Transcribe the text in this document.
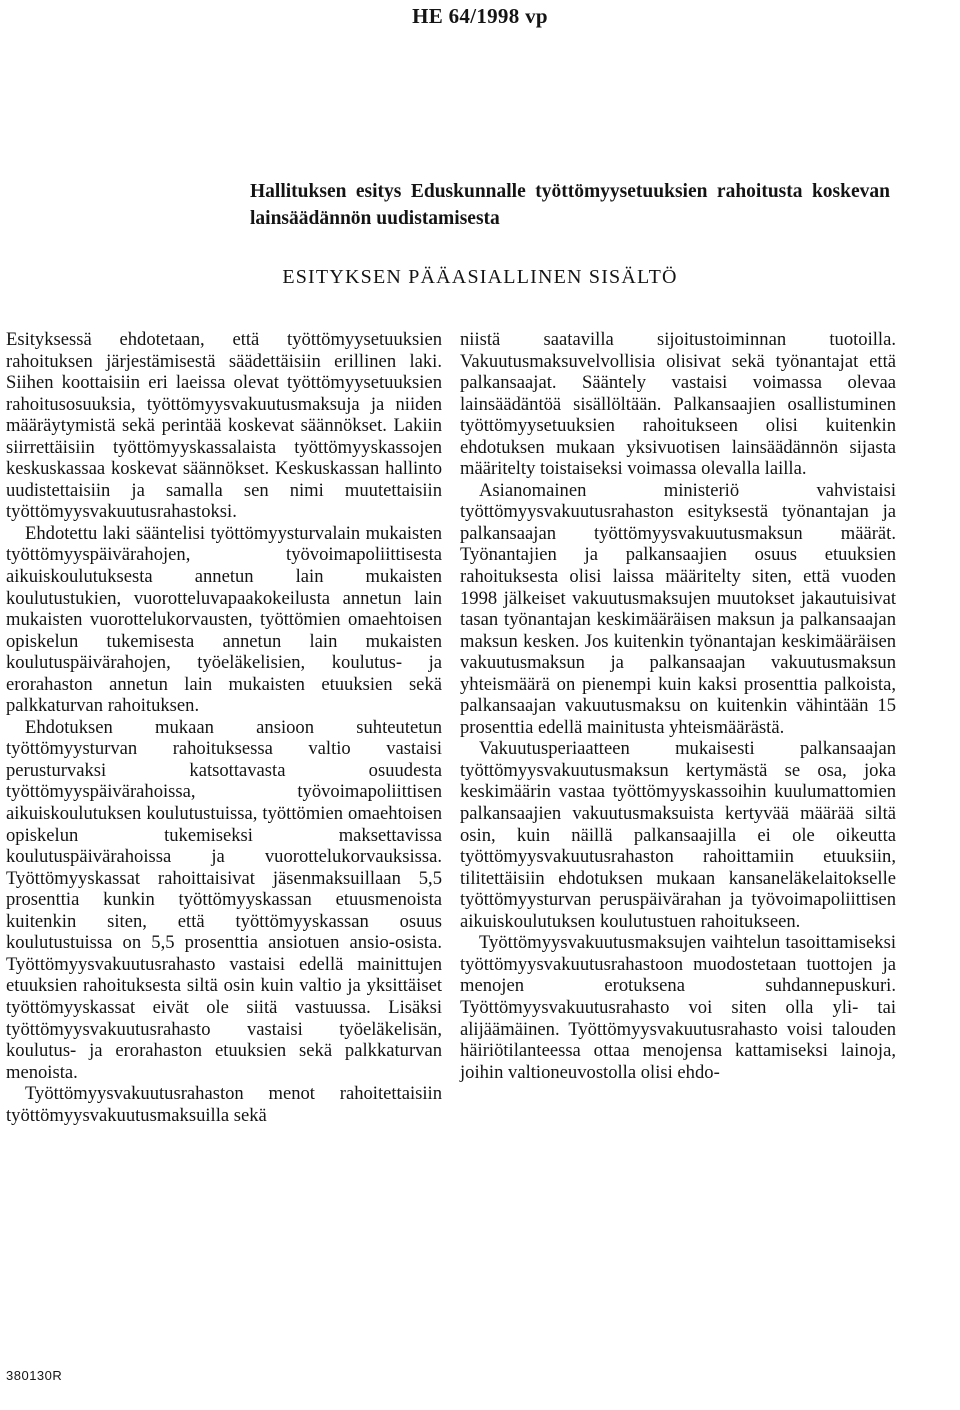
HE 64/1998 vp
Hallituksen esitys Eduskunnalle työttömyysetuuksien rahoitusta koskevan lainsäädännön uudistamisesta
ESITYKSEN PÄÄASIALLINEN SISÄLTÖ

Esityksessä ehdotetaan, että työttömyysetuuksien rahoituksen järjestämisestä säädettäisiin erillinen laki. Siihen koottaisiin eri laeissa olevat työttömyysetuuksien rahoitusosuuksia, työttömyysvakuutusmaksuja ja niiden määräytymistä sekä perintää koskevat säännökset. Lakiin siirrettäisiin työttömyyskassalaista työttömyyskassojen keskuskassaa koskevat säännökset. Keskuskassan hallinto uudistettaisiin ja samalla sen nimi muutettaisiin työttömyysvakuutusrahastoksi.

Ehdotettu laki sääntelisi työttömyysturvalain mukaisten työttömyyspäivärahojen, työvoimapoliittisesta aikuiskoulutuksesta annetun lain mukaisten koulutustukien, vuorotteluvapaakokeilusta annetun lain mukaisten vuorottelukorvausten, työttömien omaehtoisen opiskelun tukemisesta annetun lain mukaisten koulutuspäivärahojen, työeläkelisien, koulutus- ja erorahaston annetun lain mukaisten etuuksien sekä palkkaturvan rahoituksen.

Ehdotuksen mukaan ansioon suhteutetun työttömyysturvan rahoituksessa valtio vastaisi perusturvaksi katsottavasta osuudesta työttömyyspäivärahoissa, työvoimapoliittisen aikuiskoulutuksen koulutustuissa, työttömien omaehtoisen opiskelun tukemiseksi maksettavissa koulutuspäivärahoissa ja vuorottelukorvauksissa. Työttömyyskassat rahoittaisivat jäsenmaksuillaan 5,5 prosenttia kunkin työttömyyskassan etuusmenoista kuitenkin siten, että työttömyyskassan osuus koulutustuissa on 5,5 prosenttia ansiotuen ansio-osista. Työttömyysvakuutusrahasto vastaisi edellä mainittujen etuuksien rahoituksesta siltä osin kuin valtio ja yksittäiset työttömyyskassat eivät ole siitä vastuussa. Lisäksi työttömyysvakuutusrahasto vastaisi työeläkelisän, koulutus- ja erorahaston etuuksien sekä palkkaturvan menoista.

Työttömyysvakuutusrahaston menot rahoitettaisiin työttömyysvakuutusmaksuilla sekä

niistä saatavilla sijoitustoiminnan tuotoilla. Vakuutusmaksuvelvollisia olisivat sekä työnantajat että palkansaajat. Sääntely vastaisi voimassa olevaa lainsäädäntöä sisällöltään. Palkansaajien osallistuminen työttömyysetuuksien rahoitukseen olisi kuitenkin ehdotuksen mukaan yksivuotisen lainsäädännön sijasta määritelty toistaiseksi voimassa olevalla lailla.

Asianomainen ministeriö vahvistaisi työttömyysvakuutusrahaston esityksestä työnantajan ja palkansaajan työttömyysvakuutusmaksun määrät. Työnantajien ja palkansaajien osuus etuuksien rahoituksesta olisi laissa määritelty siten, että vuoden 1998 jälkeiset vakuutusmaksujen muutokset jakautuisivat tasan työnantajan keskimääräisen maksun ja palkansaajan maksun kesken. Jos kuitenkin työnantajan keskimääräisen vakuutusmaksun ja palkansaajan vakuutusmaksun yhteismäärä on pienempi kuin kaksi prosenttia palkoista, palkansaajan vakuutusmaksu on kuitenkin vähintään 15 prosenttia edellä mainitusta yhteismäärästä.

Vakuutusperiaatteen mukaisesti palkansaajan työttömyysvakuutusmaksun kertymästä se osa, joka keskimäärin vastaa työttömyyskassoihin kuulumattomien palkansaajien vakuutusmaksuista kertyvää määrää siltä osin, kuin näillä palkansaajilla ei ole oikeutta työttömyysvakuutusrahaston rahoittamiin etuuksiin, tilitettäisiin ehdotuksen mukaan kansaneläkelaitokselle työttömyysturvan peruspäivärahan ja työvoimapoliittisen aikuiskoulutuksen koulutustuen rahoitukseen.

Työttömyysvakuutusmaksujen vaihtelun tasoittamiseksi työttömyysvakuutusrahastoon muodostetaan tuottojen ja menojen erotuksena suhdannepuskuri. Työttömyysvakuutusrahasto voi siten olla yli- tai alijäämäinen. Työttömyysvakuutusrahasto voisi talouden häiriötilanteessa ottaa menojensa kattamiseksi lainoja, joihin valtioneuvostolla olisi ehdo-

380130R
